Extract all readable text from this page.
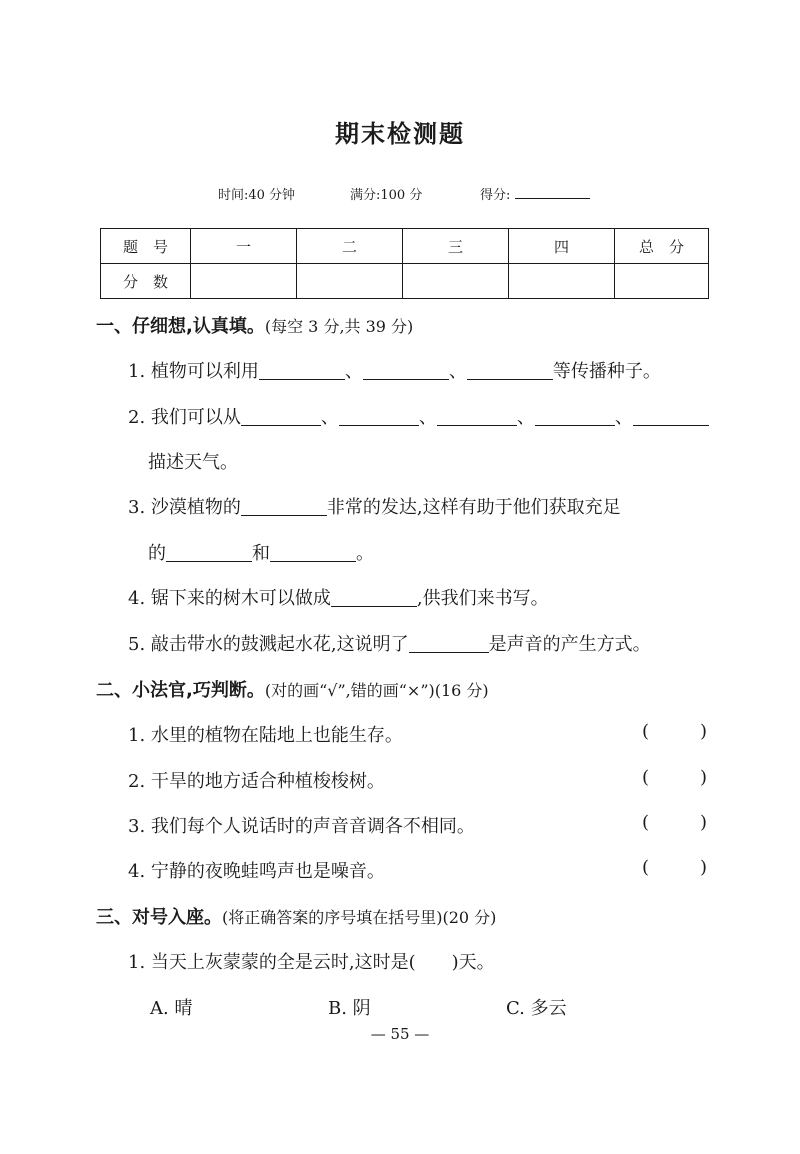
期末检测题
时间:40 分钟	满分:100 分	得分:
题　号	一	二	三	四	总　分
分　数					
一、仔细想,认真填。(每空 3 分,共 39 分)
1. 植物可以利用	、	、	等传播种子。
2. 我们可以从	、	、	、	、
描述天气。
3. 沙漠植物的	非常的发达,这样有助于他们获取充足
的	和	。
4. 锯下来的树木可以做成	,供我们来书写。
5. 敲击带水的鼓溅起水花,这说明了	是声音的产生方式。
二、小法官,巧判断。(对的画“√”,错的画“×”)(16 分)
1. 水里的植物在陆地上也能生存。	(	)
2. 干旱的地方适合种植梭梭树。	(	)
3. 我们每个人说话时的声音音调各不相同。	(	)
4. 宁静的夜晚蛙鸣声也是噪音。	(	)
三、对号入座。(将正确答案的序号填在括号里)(20 分)
1. 当天上灰蒙蒙的全是云时,这时是(　　)天。
A. 晴	B. 阴	C. 多云
— 55 —
